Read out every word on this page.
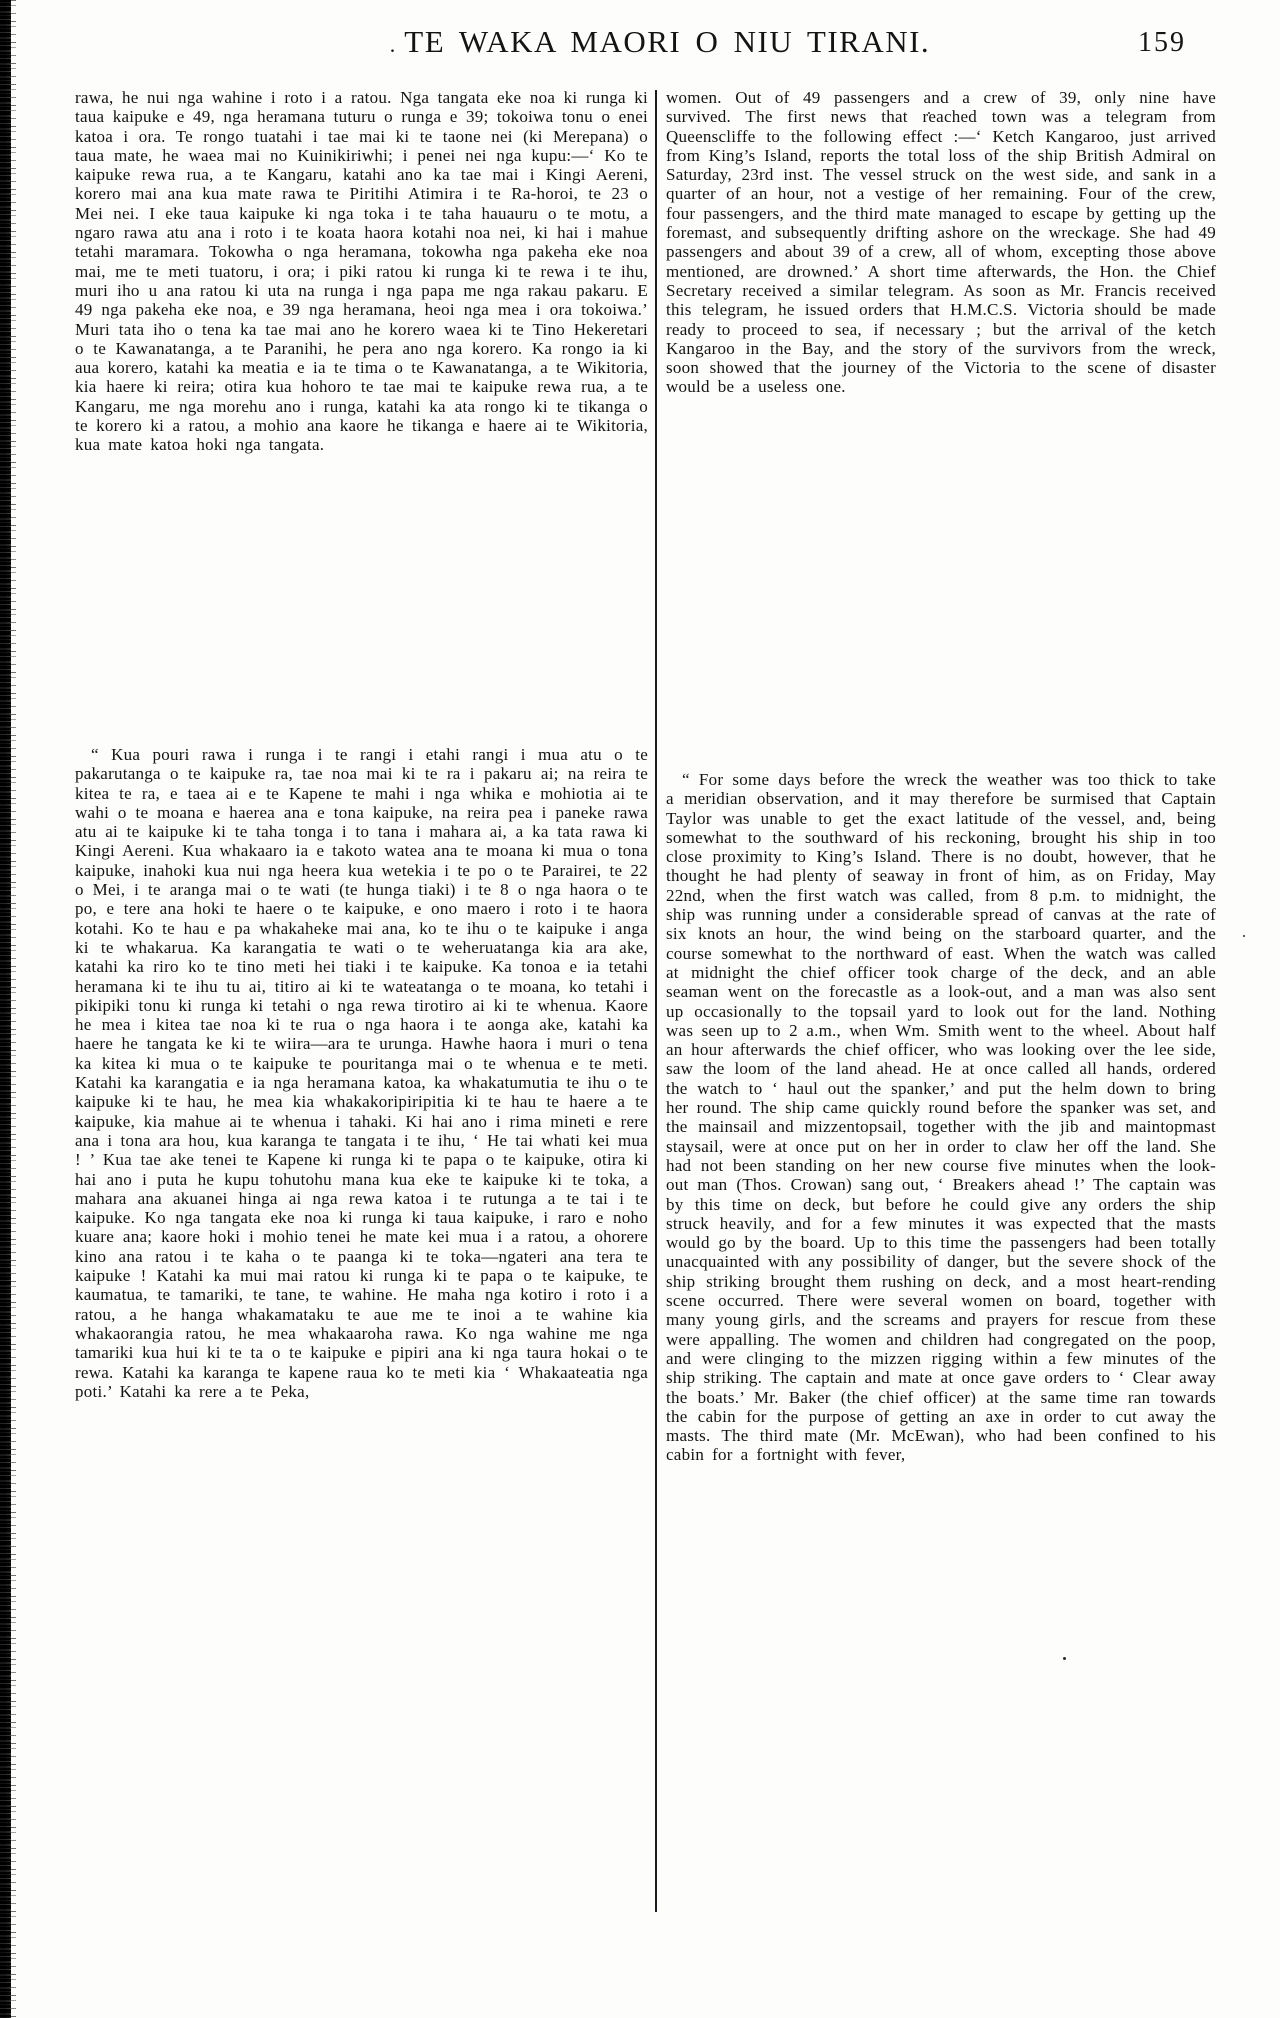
. TE WAKA MAORI O NIU TIRANI.	159

rawa, he nui nga wahine i roto i a ratou. Nga tangata eke noa ki runga ki taua kaipuke e 49, nga heramana tuturu o runga e 39; tokoiwa tonu o enei katoa i ora. Te rongo tuatahi i tae mai ki te taone nei (ki Merepana) o taua mate, he waea mai no Kuinikiriwhi; i penei nei nga kupu:—‘ Ko te kaipuke rewa rua, a te Kangaru, katahi ano ka tae mai i Kingi Aereni, korero mai ana kua mate rawa te Piritihi Atimira i te Ra-horoi, te 23 o Mei nei. I eke taua kaipuke ki nga toka i te taha hauauru o te motu, a ngaro rawa atu ana i roto i te koata haora kotahi noa nei, ki hai i mahue tetahi maramara. Tokowha o nga heramana, tokowha nga pakeha eke noa mai, me te meti tuatoru, i ora; i piki ratou ki runga ki te rewa i te ihu, muri iho u ana ratou ki uta na runga i nga papa me nga rakau pakaru. E 49 nga pakeha eke noa, e 39 nga heramana, heoi nga mea i ora tokoiwa.’ Muri tata iho o tena ka tae mai ano he korero waea ki te Tino Hekeretari o te Kawanatanga, a te Paranihi, he pera ano nga korero. Ka rongo ia ki aua korero, katahi ka meatia e ia te tima o te Kawanatanga, a te Wikitoria, kia haere ki reira; otira kua hohoro te tae mai te kaipuke rewa rua, a te Kangaru, me nga morehu ano i runga, katahi ka ata rongo ki te tikanga o te korero ki a ratou, a mohio ana kaore he tikanga e haere ai te Wikitoria, kua mate katoa hoki nga tangata.

“ Kua pouri rawa i runga i te rangi i etahi rangi i mua atu o te pakarutanga o te kaipuke ra, tae noa mai ki te ra i pakaru ai; na reira te kitea te ra, e taea ai e te Kapene te mahi i nga whika e mohiotia ai te wahi o te moana e haerea ana e tona kaipuke, na reira pea i paneke rawa atu ai te kaipuke ki te taha tonga i to tana i mahara ai, a ka tata rawa ki Kingi Aereni. Kua whakaaro ia e takoto watea ana te moana ki mua o tona kaipuke, inahoki kua nui nga heera kua wetekia i te po o te Parairei, te 22 o Mei, i te aranga mai o te wati (te hunga tiaki) i te 8 o nga haora o te po, e tere ana hoki te haere o te kaipuke, e ono maero i roto i te haora kotahi. Ko te hau e pa whakaheke mai ana, ko te ihu o te kaipuke i anga ki te whakarua. Ka karangatia te wati o te weheruatanga kia ara ake, katahi ka riro ko te tino meti hei tiaki i te kaipuke. Ka tonoa e ia tetahi heramana ki te ihu tu ai, titiro ai ki te wateatanga o te moana, ko tetahi i pikipiki tonu ki runga ki tetahi o nga rewa tirotiro ai ki te whenua. Kaore he mea i kitea tae noa ki te rua o nga haora i te aonga ake, katahi ka haere he tangata ke ki te wiira—ara te urunga. Hawhe haora i muri o tena ka kitea ki mua o te kaipuke te pouritanga mai o te whenua e te meti. Katahi ka karangatia e ia nga heramana katoa, ka whakatumutia te ihu o te kaipuke ki te hau, he mea kia whakakoripiripitia ki te hau te haere a te kaipuke, kia mahue ai te whenua i tahaki. Ki hai ano i rima mineti e rere ana i tona ara hou, kua karanga te tangata i te ihu, ‘ He tai whati kei mua ! ’ Kua tae ake tenei te Kapene ki runga ki te papa o te kaipuke, otira ki hai ano i puta he kupu tohutohu mana kua eke te kaipuke ki te toka, a mahara ana akuanei hinga ai nga rewa katoa i te rutunga a te tai i te kaipuke. Ko nga tangata eke noa ki runga ki taua kaipuke, i raro e noho kuare ana; kaore hoki i mohio tenei he mate kei mua i a ratou, a ohorere kino ana ratou i te kaha o te paanga ki te toka—ngateri ana tera te kaipuke ! Katahi ka mui mai ratou ki runga ki te papa o te kaipuke, te kaumatua, te tamariki, te tane, te wahine. He maha nga kotiro i roto i a ratou, a he hanga whakamataku te aue me te inoi a te wahine kia whakaorangia ratou, he mea whakaaroha rawa. Ko nga wahine me nga tamariki kua hui ki te ta o te kaipuke e pipiri ana ki nga taura hokai o te rewa. Katahi ka karanga te kapene raua ko te meti kia ‘ Whakaateatia nga poti.’ Katahi ka rere a te Peka,

women. Out of 49 passengers and a crew of 39, only nine have survived. The first news that reached town was a telegram from Queenscliffe to the following effect :—‘ Ketch Kangaroo, just arrived from King’s Island, reports the total loss of the ship British Admiral on Saturday, 23rd inst. The vessel struck on the west side, and sank in a quarter of an hour, not a vestige of her remaining. Four of the crew, four passengers, and the third mate managed to escape by getting up the foremast, and subsequently drifting ashore on the wreckage. She had 49 passengers and about 39 of a crew, all of whom, excepting those above mentioned, are drowned.’ A short time afterwards, the Hon. the Chief Secretary received a similar telegram. As soon as Mr. Francis received this telegram, he issued orders that H.M.C.S. Victoria should be made ready to proceed to sea, if necessary ; but the arrival of the ketch Kangaroo in the Bay, and the story of the survivors from the wreck, soon showed that the journey of the Victoria to the scene of disaster would be a useless one.

“ For some days before the wreck the weather was too thick to take a meridian observation, and it may therefore be surmised that Captain Taylor was unable to get the exact latitude of the vessel, and, being somewhat to the southward of his reckoning, brought his ship in too close proximity to King’s Island. There is no doubt, however, that he thought he had plenty of seaway in front of him, as on Friday, May 22nd, when the first watch was called, from 8 p.m. to midnight, the ship was running under a considerable spread of canvas at the rate of six knots an hour, the wind being on the starboard quarter, and the course somewhat to the northward of east. When the watch was called at midnight the chief officer took charge of the deck, and an able seaman went on the forecastle as a look-out, and a man was also sent up occasionally to the topsail yard to look out for the land. Nothing was seen up to 2 a.m., when Wm. Smith went to the wheel. About half an hour afterwards the chief officer, who was looking over the lee side, saw the loom of the land ahead. He at once called all hands, ordered the watch to ‘ haul out the spanker,’ and put the helm down to bring her round. The ship came quickly round before the spanker was set, and the mainsail and mizzentopsail, together with the jib and maintopmast staysail, were at once put on her in order to claw her off the land. She had not been standing on her new course five minutes when the look-out man (Thos. Crowan) sang out, ‘ Breakers ahead !’ The captain was by this time on deck, but before he could give any orders the ship struck heavily, and for a few minutes it was expected that the masts would go by the board. Up to this time the passengers had been totally unacquainted with any possibility of danger, but the severe shock of the ship striking brought them rushing on deck, and a most heart-rending scene occurred. There were several women on board, together with many young girls, and the screams and prayers for rescue from these were appalling. The women and children had congregated on the poop, and were clinging to the mizzen rigging within a few minutes of the ship striking. The captain and mate at once gave orders to ‘ Clear away the boats.’ Mr. Baker (the chief officer) at the same time ran towards the cabin for the purpose of getting an axe in order to cut away the masts. The third mate (Mr. McEwan), who had been confined to his cabin for a fortnight with fever,
